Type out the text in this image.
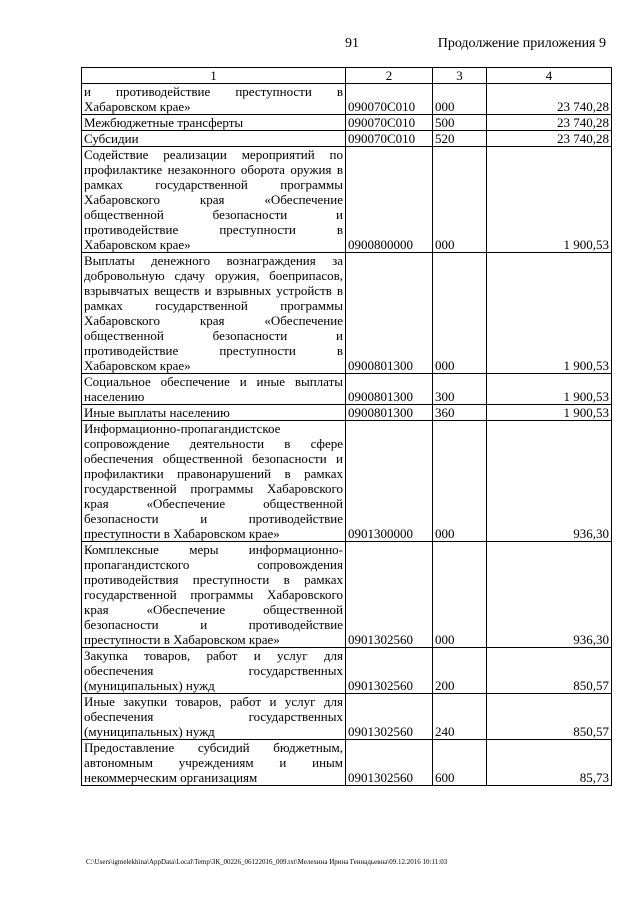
91	Продолжение приложения 9
1	2	3	4
и противодействие преступности в Хабаровском крае»	090070C010	000	23 740,28
Межбюджетные трансферты	090070C010	500	23 740,28
Субсидии	090070C010	520	23 740,28
Содействие реализации мероприятий по профилактике незаконного оборота оружия в рамках государственной программы Хабаровского края «Обеспечение общественной безопасности и противодействие преступности в Хабаровском крае»	0900800000	000	1 900,53
Выплаты денежного вознаграждения за добровольную сдачу оружия, боеприпасов, взрывчатых веществ и взрывных устройств в рамках государственной программы Хабаровского края «Обеспечение общественной безопасности и противодействие преступности в Хабаровском крае»	0900801300	000	1 900,53
Социальное обеспечение и иные выплаты населению	0900801300	300	1 900,53
Иные выплаты населению	0900801300	360	1 900,53
Информационно-пропагандистское сопровождение деятельности в сфере обеспечения общественной безопасности и профилактики правонарушений в рамках государственной программы Хабаровского края «Обеспечение общественной безопасности и противодействие преступности в Хабаровском крае»	0901300000	000	936,30
Комплексные меры информационно-пропагандистского сопровождения противодействия преступности в рамках государственной программы Хабаровского края «Обеспечение общественной безопасности и противодействие преступности в Хабаровском крае»	0901302560	000	936,30
Закупка товаров, работ и услуг для обеспечения государственных (муниципальных) нужд	0901302560	200	850,57
Иные закупки товаров, работ и услуг для обеспечения государственных (муниципальных) нужд	0901302560	240	850,57
Предоставление субсидий бюджетным, автономным учреждениям и иным некоммерческим организациям	0901302560	600	85,73
C:\Users\igmelekhina\AppData\Local\Temp\ЗК_00226_06122016_009.txt\Мелехина Ирина Геннадьевна\09.12.2016 10:11:03
